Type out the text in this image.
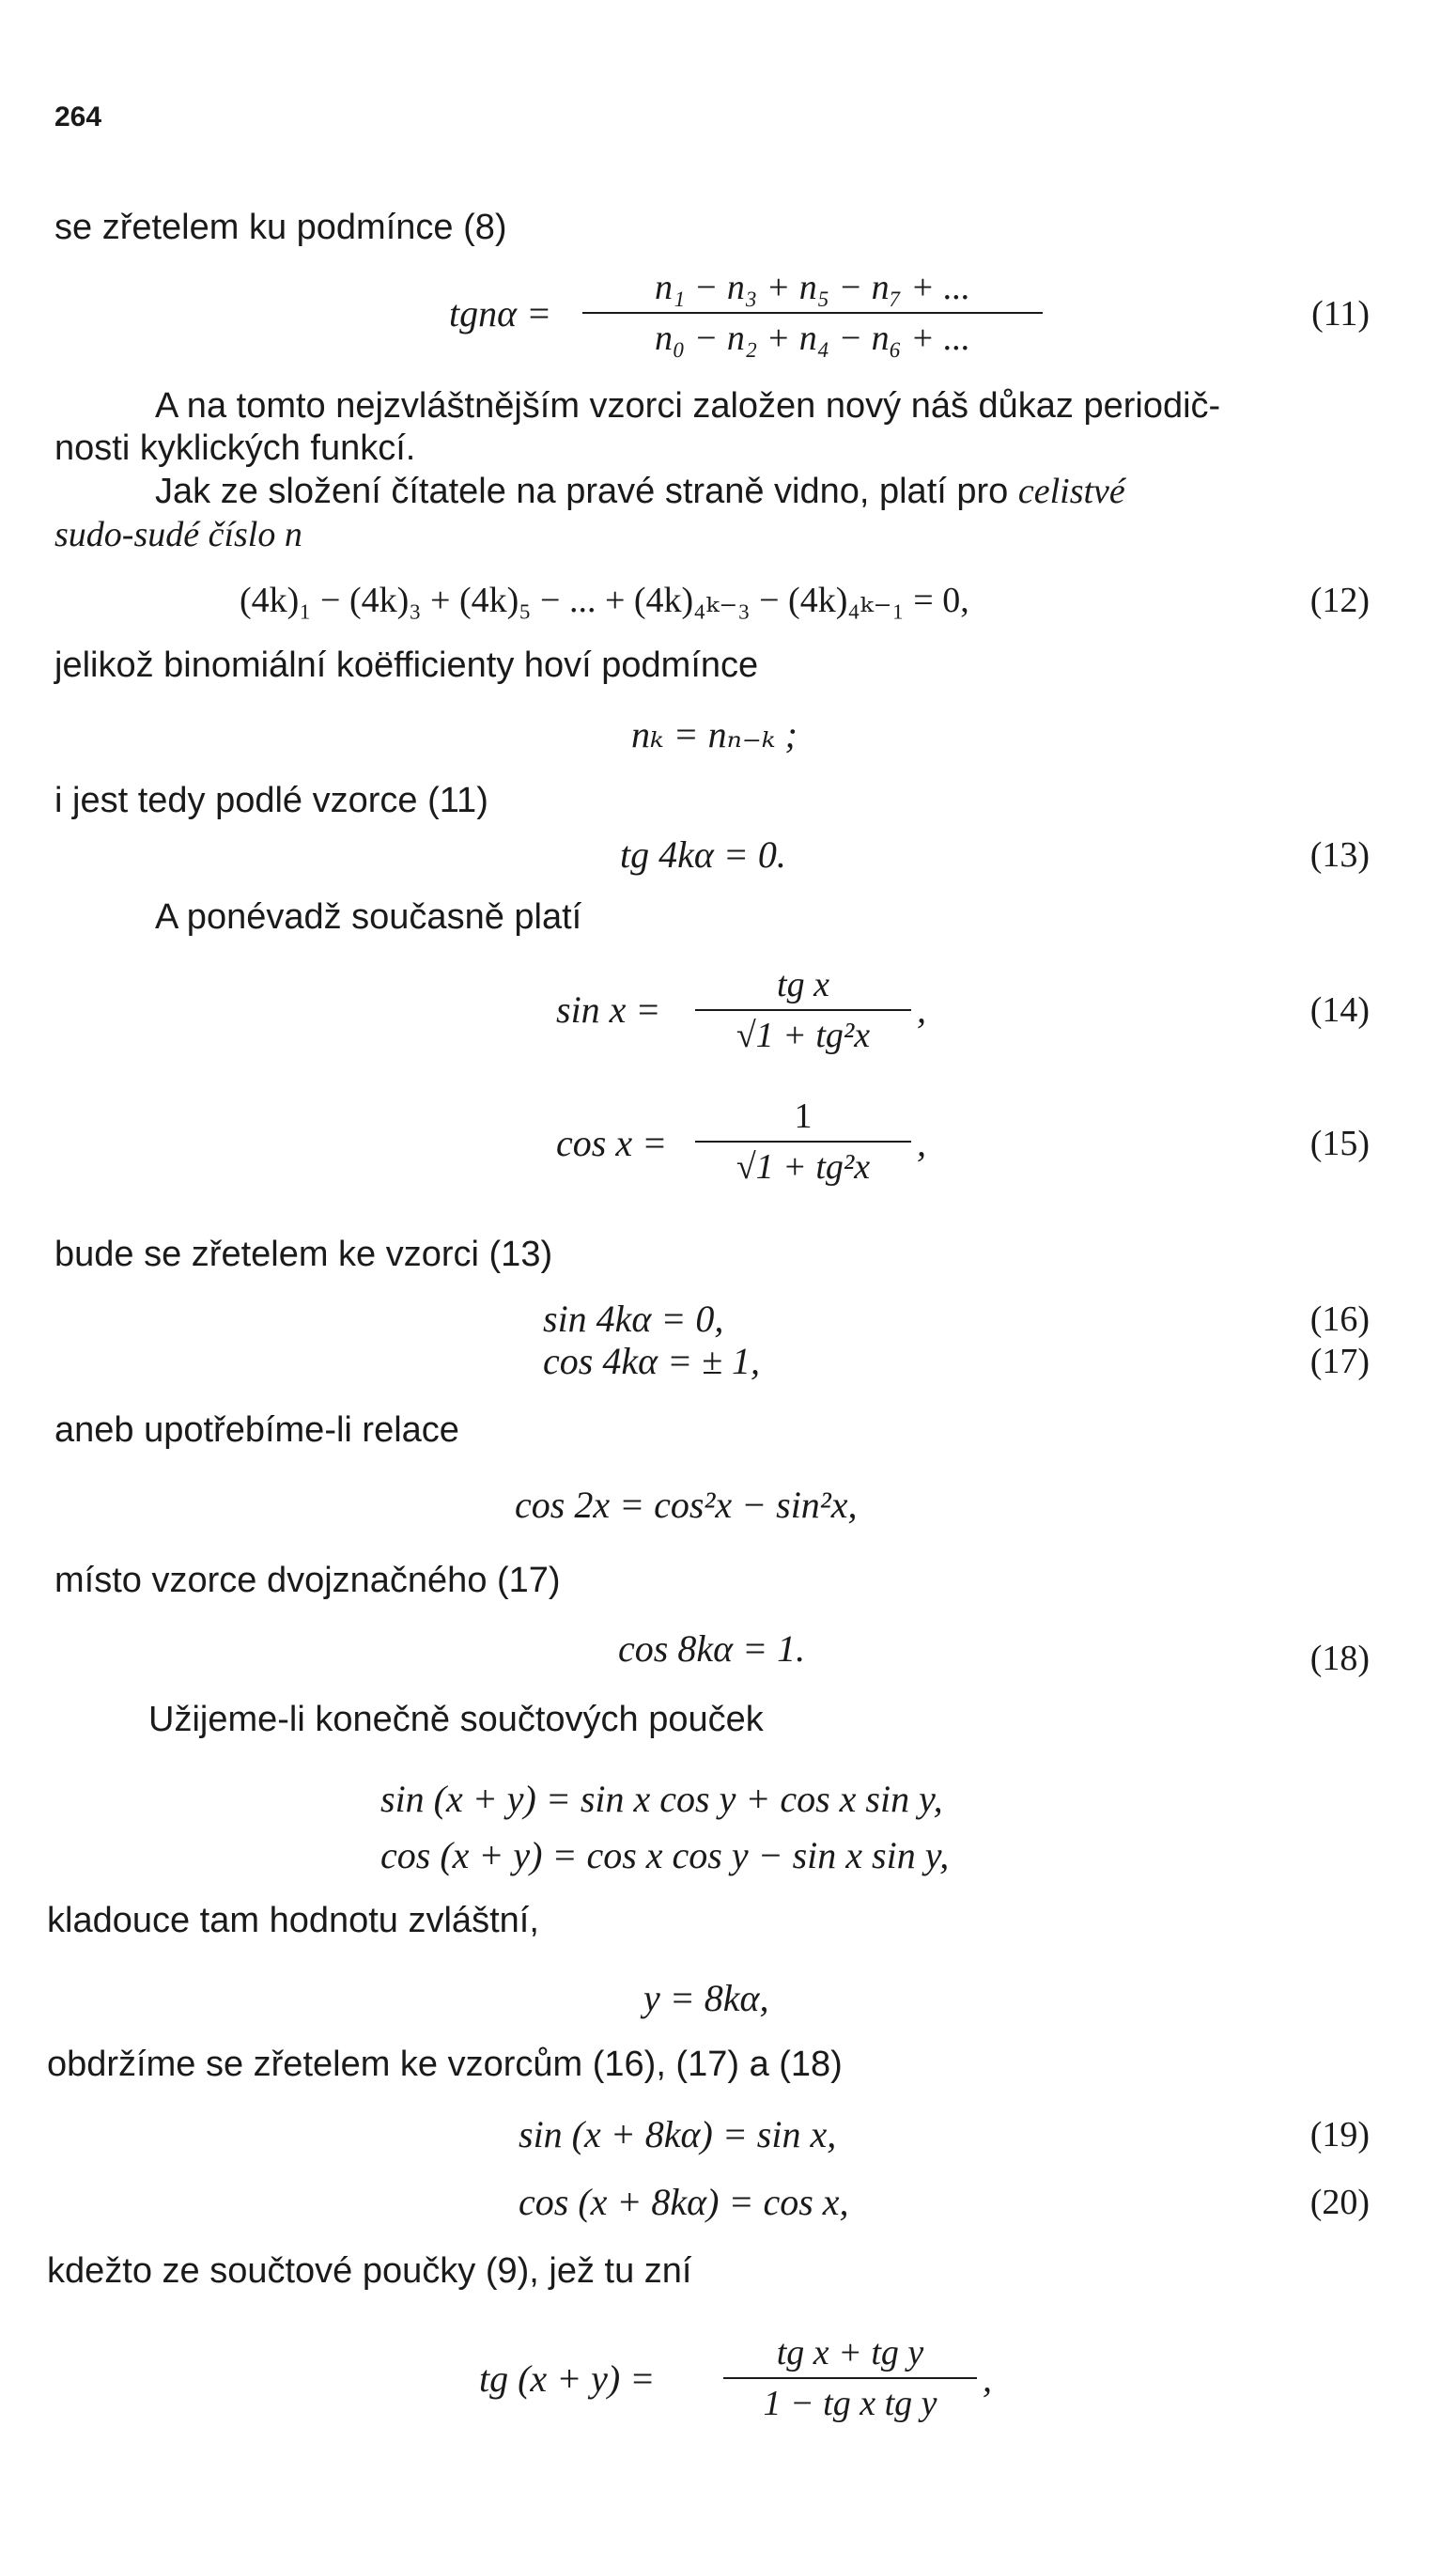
264
se zřetelem ku podmínce (8)
tgnα =
n₁ − n₃ + n₅ − n₇ + ...
n₀ − n₂ + n₄ − n₆ + ...
(11)
A na tomto nejzvláštnějším vzorci založen nový náš důkaz periodič-
nosti kyklických funkcí.
Jak ze složení čítatele na pravé straně vidno, platí pro celistvé
sudo-sudé číslo n
(4k)₁ − (4k)₃ + (4k)₅ − ... + (4k)₄ₖ₋₃ − (4k)₄ₖ₋₁ = 0,	(12)
jelikož binomiální koëfficienty hoví podmínce
nₖ = nₙ₋ₖ ;
i jest tedy podlé vzorce (11)
tg 4kα = 0.	(13)
A ponévadž současně platí
sin x =
tg x
√1 + tg²x
,	(14)
cos x =
1
√1 + tg²x
,	(15)
bude se zřetelem ke vzorci (13)
sin 4kα = 0,	(16)
cos 4kα = ± 1,	(17)
aneb upotřebíme-li relace
cos 2x = cos²x − sin²x,
místo vzorce dvojznačného (17)
cos 8kα = 1.	(18)
Užijeme-li konečně součtových pouček
sin (x + y) = sin x cos y + cos x sin y,
cos (x + y) = cos x cos y − sin x sin y,
kladouce tam hodnotu zvláštní,
y = 8kα,
obdržíme se zřetelem ke vzorcům (16), (17) a (18)
sin (x + 8kα) = sin x,	(19)
cos (x + 8kα) = cos x,	(20)
kdežto ze součtové poučky (9), jež tu zní
tg (x + y) =
tg x + tg y
1 − tg x tg y
,
